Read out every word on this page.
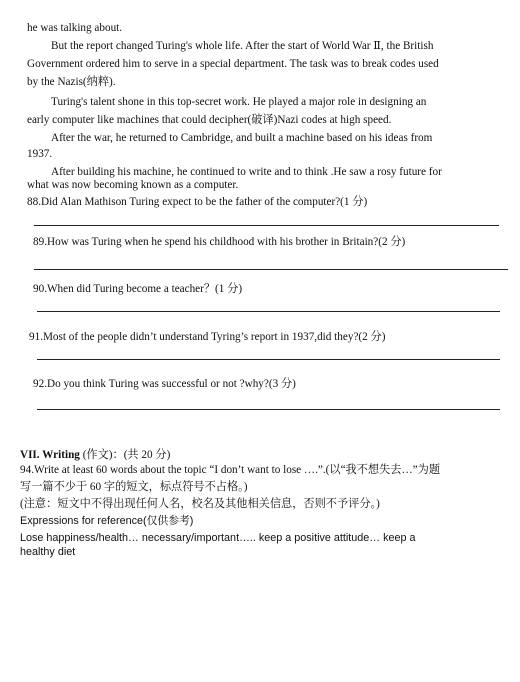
he was talking about.
But the report changed Turing's whole life. After the start of World War Ⅱ, the British
Government ordered him to serve in a special department. The task was to break codes used
by the Nazis(纳粹).
Turing's talent shone in this top-secret work. He played a major role in designing an
early computer like machines that could decipher(破译)Nazi codes at high speed.
After the war, he returned to Cambridge, and built a machine based on his ideas from
1937.
After building his machine, he continued to write and to think .He saw a rosy future for
what was now becoming known as a computer.
88.Did Alan Mathison Turing expect to be the father of the computer?(1 分)
89.How was Turing when he spend his childhood with his brother in Britain?(2 分)
90.When did Turing become a teacher？(1 分)
91.Most of the people didn’t understand Tyring’s report in 1937,did they?(2 分)
92.Do you think Turing was successful or not ?why?(3 分)
VII. Writing (作文)：(共 20 分)
94.Write at least 60 words about the topic “I don’t want to lose ….”.(以“我不想失去…”为题
写一篇不少于 60 字的短文，标点符号不占格。)
(注意：短文中不得出现任何人名，校名及其他相关信息，否则不予评分。)
Expressions for reference(仅供参考)
Lose happiness/health… necessary/important….. keep a positive attitude… keep a
healthy diet
